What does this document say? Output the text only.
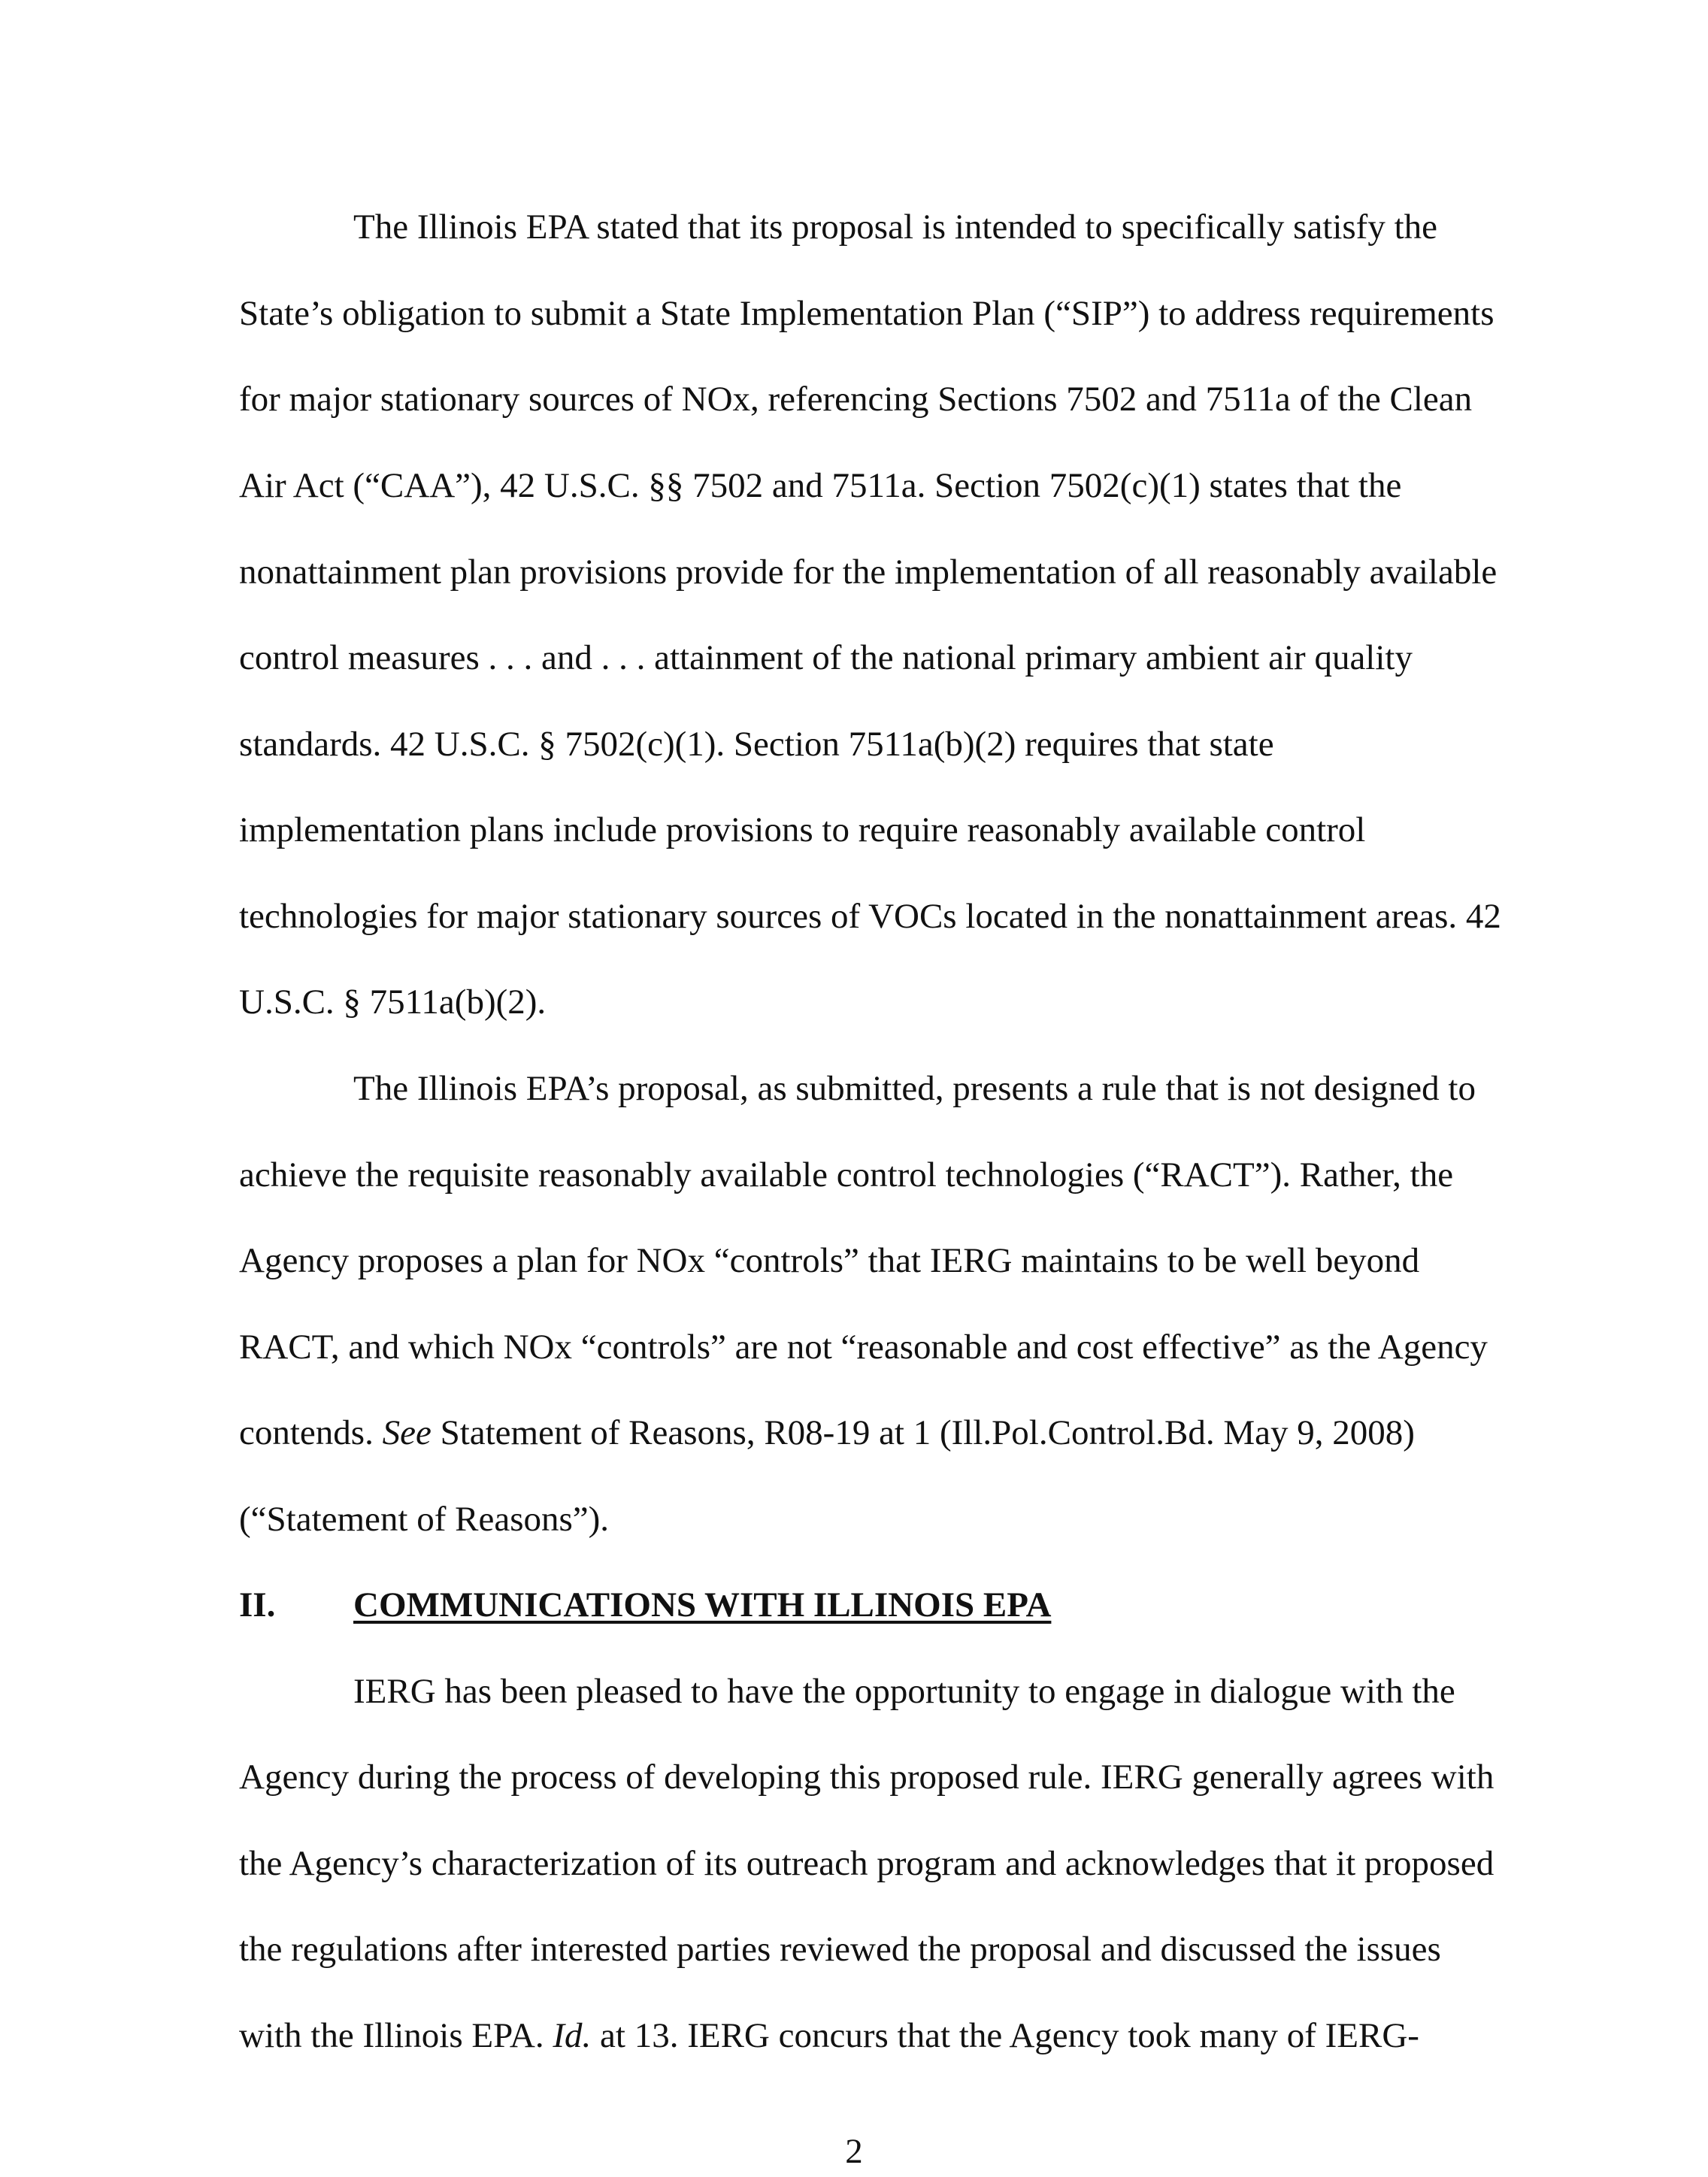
The Illinois EPA stated that its proposal is intended to specifically satisfy the
State’s obligation to submit a State Implementation Plan (“SIP”) to address requirements
for major stationary sources of NOx, referencing Sections 7502 and 7511a of the Clean
Air Act (“CAA”), 42 U.S.C. §§ 7502 and 7511a. Section 7502(c)(1) states that the
nonattainment plan provisions provide for the implementation of all reasonably available
control measures . . . and . . . attainment of the national primary ambient air quality
standards. 42 U.S.C. § 7502(c)(1). Section 7511a(b)(2) requires that state
implementation plans include provisions to require reasonably available control
technologies for major stationary sources of VOCs located in the nonattainment areas. 42
U.S.C. § 7511a(b)(2).
The Illinois EPA’s proposal, as submitted, presents a rule that is not designed to
achieve the requisite reasonably available control technologies (“RACT”). Rather, the
Agency proposes a plan for NOx “controls” that IERG maintains to be well beyond
RACT, and which NOx “controls” are not “reasonable and cost effective” as the Agency
contends. See Statement of Reasons, R08-19 at 1 (Ill.Pol.Control.Bd. May 9, 2008)
(“Statement of Reasons”).
II. COMMUNICATIONS WITH ILLINOIS EPA
IERG has been pleased to have the opportunity to engage in dialogue with the
Agency during the process of developing this proposed rule. IERG generally agrees with
the Agency’s characterization of its outreach program and acknowledges that it proposed
the regulations after interested parties reviewed the proposal and discussed the issues
with the Illinois EPA. Id. at 13. IERG concurs that the Agency took many of IERG-
2
